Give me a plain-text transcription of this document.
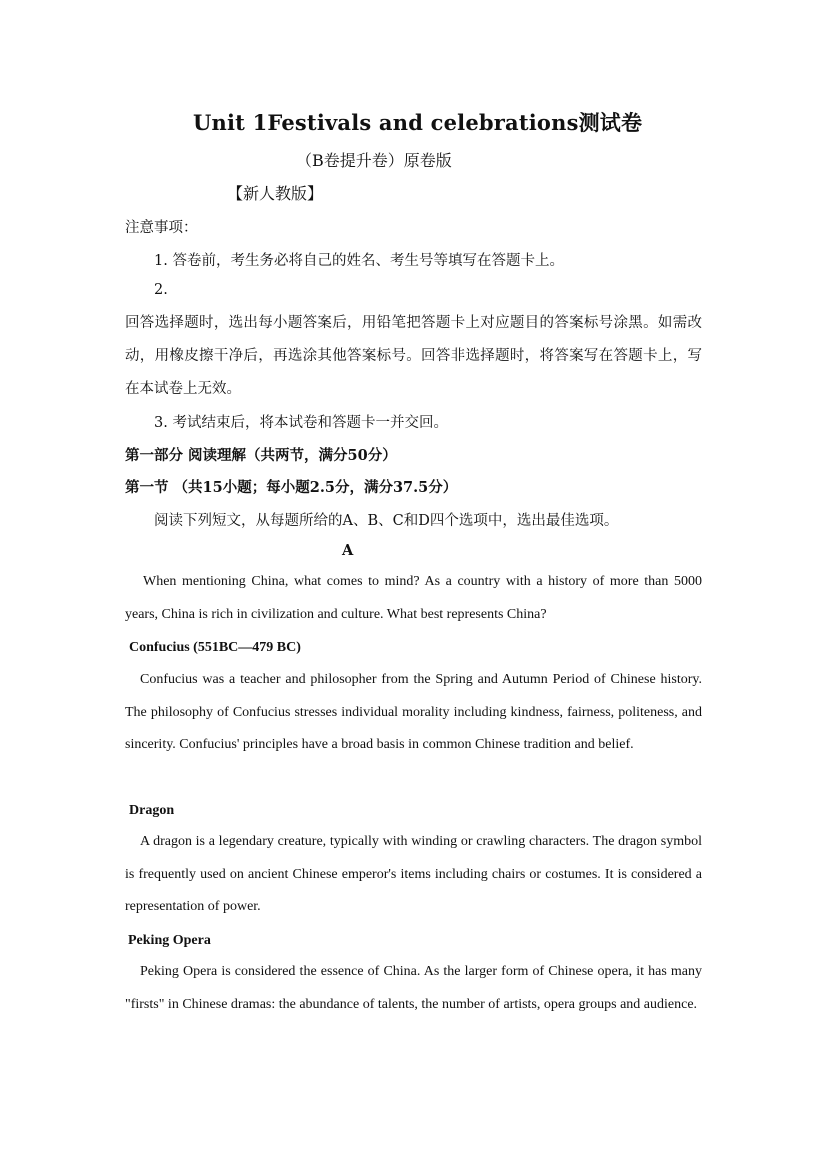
Unit 1Festivals and celebrations测试卷
（B卷提升卷）原卷版
【新人教版】
注意事项：
1. 答卷前，考生务必将自己的姓名、考生号等填写在答题卡上。
2.
回答选择题时，选出每小题答案后，用铅笔把答题卡上对应题目的答案标号涂黑。如需改动，用橡皮擦干净后，再选涂其他答案标号。回答非选择题时，将答案写在答题卡上，写在本试卷上无效。
3. 考试结束后，将本试卷和答题卡一并交回。
第一部分 阅读理解（共两节，满分50分）
第一节 （共15小题；每小题2.5分，满分37.5分）
阅读下列短文，从每题所给的A、B、C和D四个选项中，选出最佳选项。
A
When mentioning China, what comes to mind? As a country with a history of more than 5000 years, China is rich in civilization and culture. What best represents China?
Confucius (551BC—479 BC)
Confucius was a teacher and philosopher from the Spring and Autumn Period of Chinese history. The philosophy of Confucius stresses individual morality including kindness, fairness, politeness, and sincerity. Confucius' principles have a broad basis in common Chinese tradition and belief.
Dragon
A dragon is a legendary creature, typically with winding or crawling characters. The dragon symbol is frequently used on ancient Chinese emperor's items including chairs or costumes. It is considered a representation of power.
Peking Opera
Peking Opera is considered the essence of China. As the larger form of Chinese opera, it has many "firsts" in Chinese dramas: the abundance of talents, the number of artists, opera groups and audience.
